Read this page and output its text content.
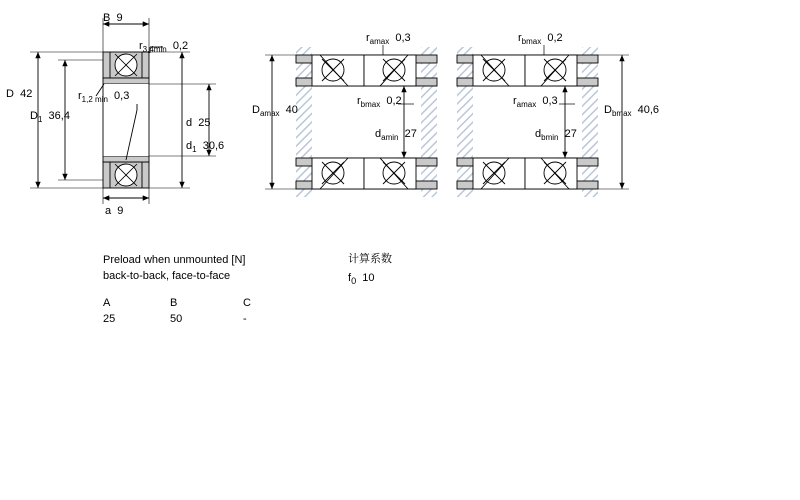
B 9
$r_{3,4min}$ 0,2
D 42	$r_{1,2 min}$ 0,3
$D_1$ 36,4
d 25
$d_1$ 30,6
a 9
$r_{amax}$ 0,3	$r_{bmax}$ 0,2
$D_{amax}$ 40
$r_{bmax}$ 0,2	$r_{amax}$ 0,3
$D_{bmax}$ 40,6
$d_{amin}$ 27	$d_{bmin}$ 27
Preload when unmounted [N]
back-to-back, face-to-face
A	B	C
25	50	-
计算系数
$f_0$ 10
